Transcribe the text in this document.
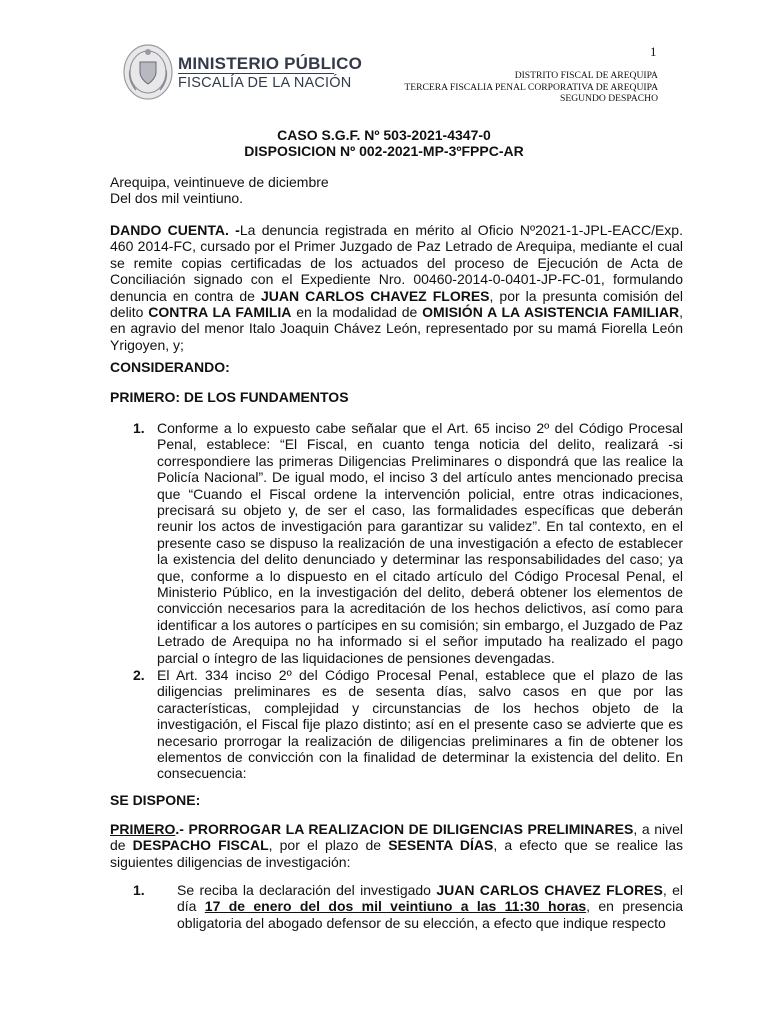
MINISTERIO PÚBLICO
FISCALÍA DE LA NACIÓN
1
DISTRITO FISCAL DE AREQUIPA
TERCERA FISCALIA PENAL CORPORATIVA DE AREQUIPA
SEGUNDO DESPACHO
CASO S.G.F. Nº 503-2021-4347-0
DISPOSICION Nº 002-2021-MP-3ºFPPC-AR
Arequipa, veintinueve de diciembre
Del dos mil veintiuno.

DANDO CUENTA. -La denuncia registrada en mérito al Oficio Nº2021-1-JPL-EACC/Exp. 460 2014-FC, cursado por el Primer Juzgado de Paz Letrado de Arequipa, mediante el cual se remite copias certificadas de los actuados del proceso de Ejecución de Acta de Conciliación signado con el Expediente Nro. 00460-2014-0-0401-JP-FC-01, formulando denuncia en contra de JUAN CARLOS CHAVEZ FLORES, por la presunta comisión del delito CONTRA LA FAMILIA en la modalidad de OMISIÓN A LA ASISTENCIA FAMILIAR, en agravio del menor Italo Joaquin Chávez León, representado por su mamá Fiorella León Yrigoyen, y;

CONSIDERANDO:
PRIMERO: DE LOS FUNDAMENTOS
1. Conforme a lo expuesto cabe señalar que el Art. 65 inciso 2º del Código Procesal Penal, establece: “El Fiscal, en cuanto tenga noticia del delito, realizará -si correspondiere las primeras Diligencias Preliminares o dispondrá que las realice la Policía Nacional”. De igual modo, el inciso 3 del artículo antes mencionado precisa que “Cuando el Fiscal ordene la intervención policial, entre otras indicaciones, precisará su objeto y, de ser el caso, las formalidades específicas que deberán reunir los actos de investigación para garantizar su validez”. En tal contexto, en el presente caso se dispuso la realización de una investigación a efecto de establecer la existencia del delito denunciado y determinar las responsabilidades del caso; ya que, conforme a lo dispuesto en el citado artículo del Código Procesal Penal, el Ministerio Público, en la investigación del delito, deberá obtener los elementos de convicción necesarios para la acreditación de los hechos delictivos, así como para identificar a los autores o partícipes en su comisión; sin embargo, el Juzgado de Paz Letrado de Arequipa no ha informado si el señor imputado ha realizado el pago parcial o íntegro de las liquidaciones de pensiones devengadas.

2. El Art. 334 inciso 2º del Código Procesal Penal, establece que el plazo de las diligencias preliminares es de sesenta días, salvo casos en que por las características, complejidad y circunstancias de los hechos objeto de la investigación, el Fiscal fije plazo distinto; así en el presente caso se advierte que es necesario prorrogar la realización de diligencias preliminares a fin de obtener los elementos de convicción con la finalidad de determinar la existencia del delito. En consecuencia:

SE DISPONE:

PRIMERO.- PRORROGAR LA REALIZACION DE DILIGENCIAS PRELIMINARES, a nivel de DESPACHO FISCAL, por el plazo de SESENTA DÍAS, a efecto que se realice las siguientes diligencias de investigación:

1. Se reciba la declaración del investigado JUAN CARLOS CHAVEZ FLORES, el día 17 de enero del dos mil veintiuno a las 11:30 horas, en presencia obligatoria del abogado defensor de su elección, a efecto que indique respecto
